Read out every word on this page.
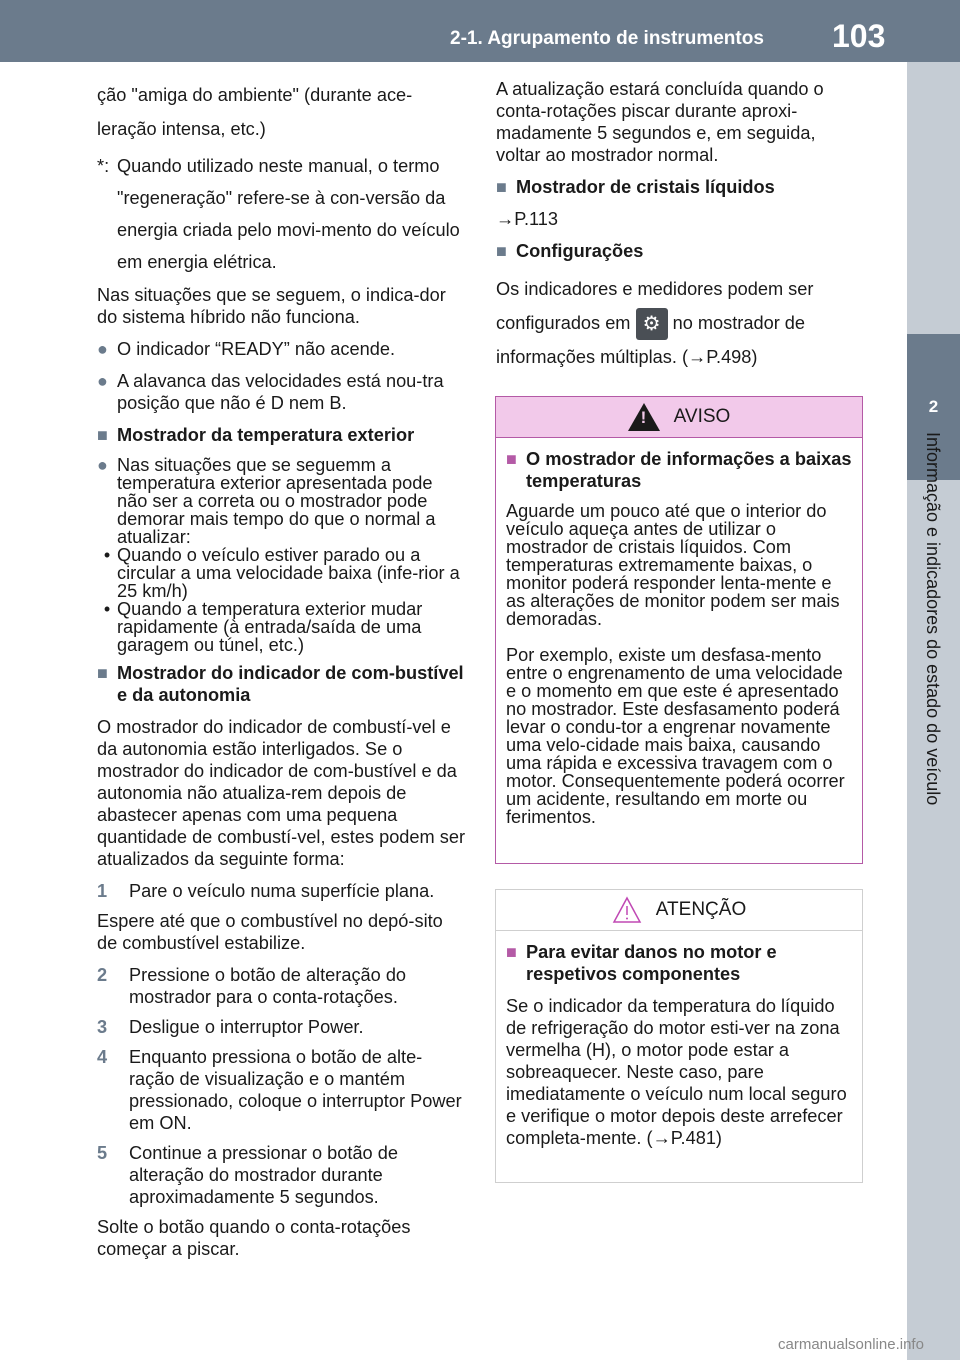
2-1. Agrupamento de instrumentos 103
2
Informação e indicadores do estado do veículo

ção "amiga do ambiente" (durante ace-leração intensa, etc.)

*: Quando utilizado neste manual, o termo "regeneração" refere-se à con-versão da energia criada pelo movi-mento do veículo em energia elétrica.

Nas situações que se seguem, o indica-dor do sistema híbrido não funciona.

● O indicador “READY” não acende.
● A alavanca das velocidades está nou-tra posição que não é D nem B.
■ Mostrador da temperatura exterior
● Nas situações que se seguemm a temperatura exterior apresentada pode não ser a correta ou o mostrador pode demorar mais tempo do que o normal a atualizar:
• Quando o veículo estiver parado ou a circular a uma velocidade baixa (infe-rior a 25 km/h)
• Quando a temperatura exterior mudar rapidamente (à entrada/saída de uma garagem ou túnel, etc.)
■ Mostrador do indicador de com-bustível e da autonomia

O mostrador do indicador de combustí-vel e da autonomia estão interligados. Se o mostrador do indicador de com-bustível e da autonomia não atualiza-rem depois de abastecer apenas com uma pequena quantidade de combustí-vel, estes podem ser atualizados da seguinte forma:

1	Pare o veículo numa superfície plana.

Espere até que o combustível no depó-sito de combustível estabilize.

2	Pressione o botão de alteração do mostrador para o conta-rotações.
3	Desligue o interruptor Power.
4	Enquanto pressiona o botão de alte-ração de visualização e o mantém pressionado, coloque o interruptor Power em ON.
5	Continue a pressionar o botão de alteração do mostrador durante aproximadamente 5 segundos.

Solte o botão quando o conta-rotações começar a piscar.

A atualização estará concluída quando o conta-rotações piscar durante aproxi-madamente 5 segundos e, em seguida, voltar ao mostrador normal.

■ Mostrador de cristais líquidos

→P.113

■ Configurações

Os indicadores e medidores podem ser configurados em ⚙ no mostrador de informações múltiplas. (→P.498)

! AVISO
■ O mostrador de informações a baixas temperaturas

Aguarde um pouco até que o interior do veículo aqueça antes de utilizar o mostrador de cristais líquidos. Com temperaturas extremamente baixas, o monitor poderá responder lenta-mente e as alterações de monitor podem ser mais demoradas.

Por exemplo, existe um desfasa-mento entre o engrenamento de uma velocidade e o momento em que este é apresentado no mostrador. Este desfasamento poderá levar o condu-tor a engrenar novamente uma velo-cidade mais baixa, causando uma rápida e excessiva travagem com o motor. Consequentemente poderá ocorrer um acidente, resultando em morte ou ferimentos.

ATENÇÃO
■ Para evitar danos no motor e respetivos componentes

Se o indicador da temperatura do líquido de refrigeração do motor esti-ver na zona vermelha (H), o motor pode estar a sobreaquecer. Neste caso, pare imediatamente o veículo num local seguro e verifique o motor depois deste arrefecer completa-mente. (→P.481)

carmanualsonline.info
